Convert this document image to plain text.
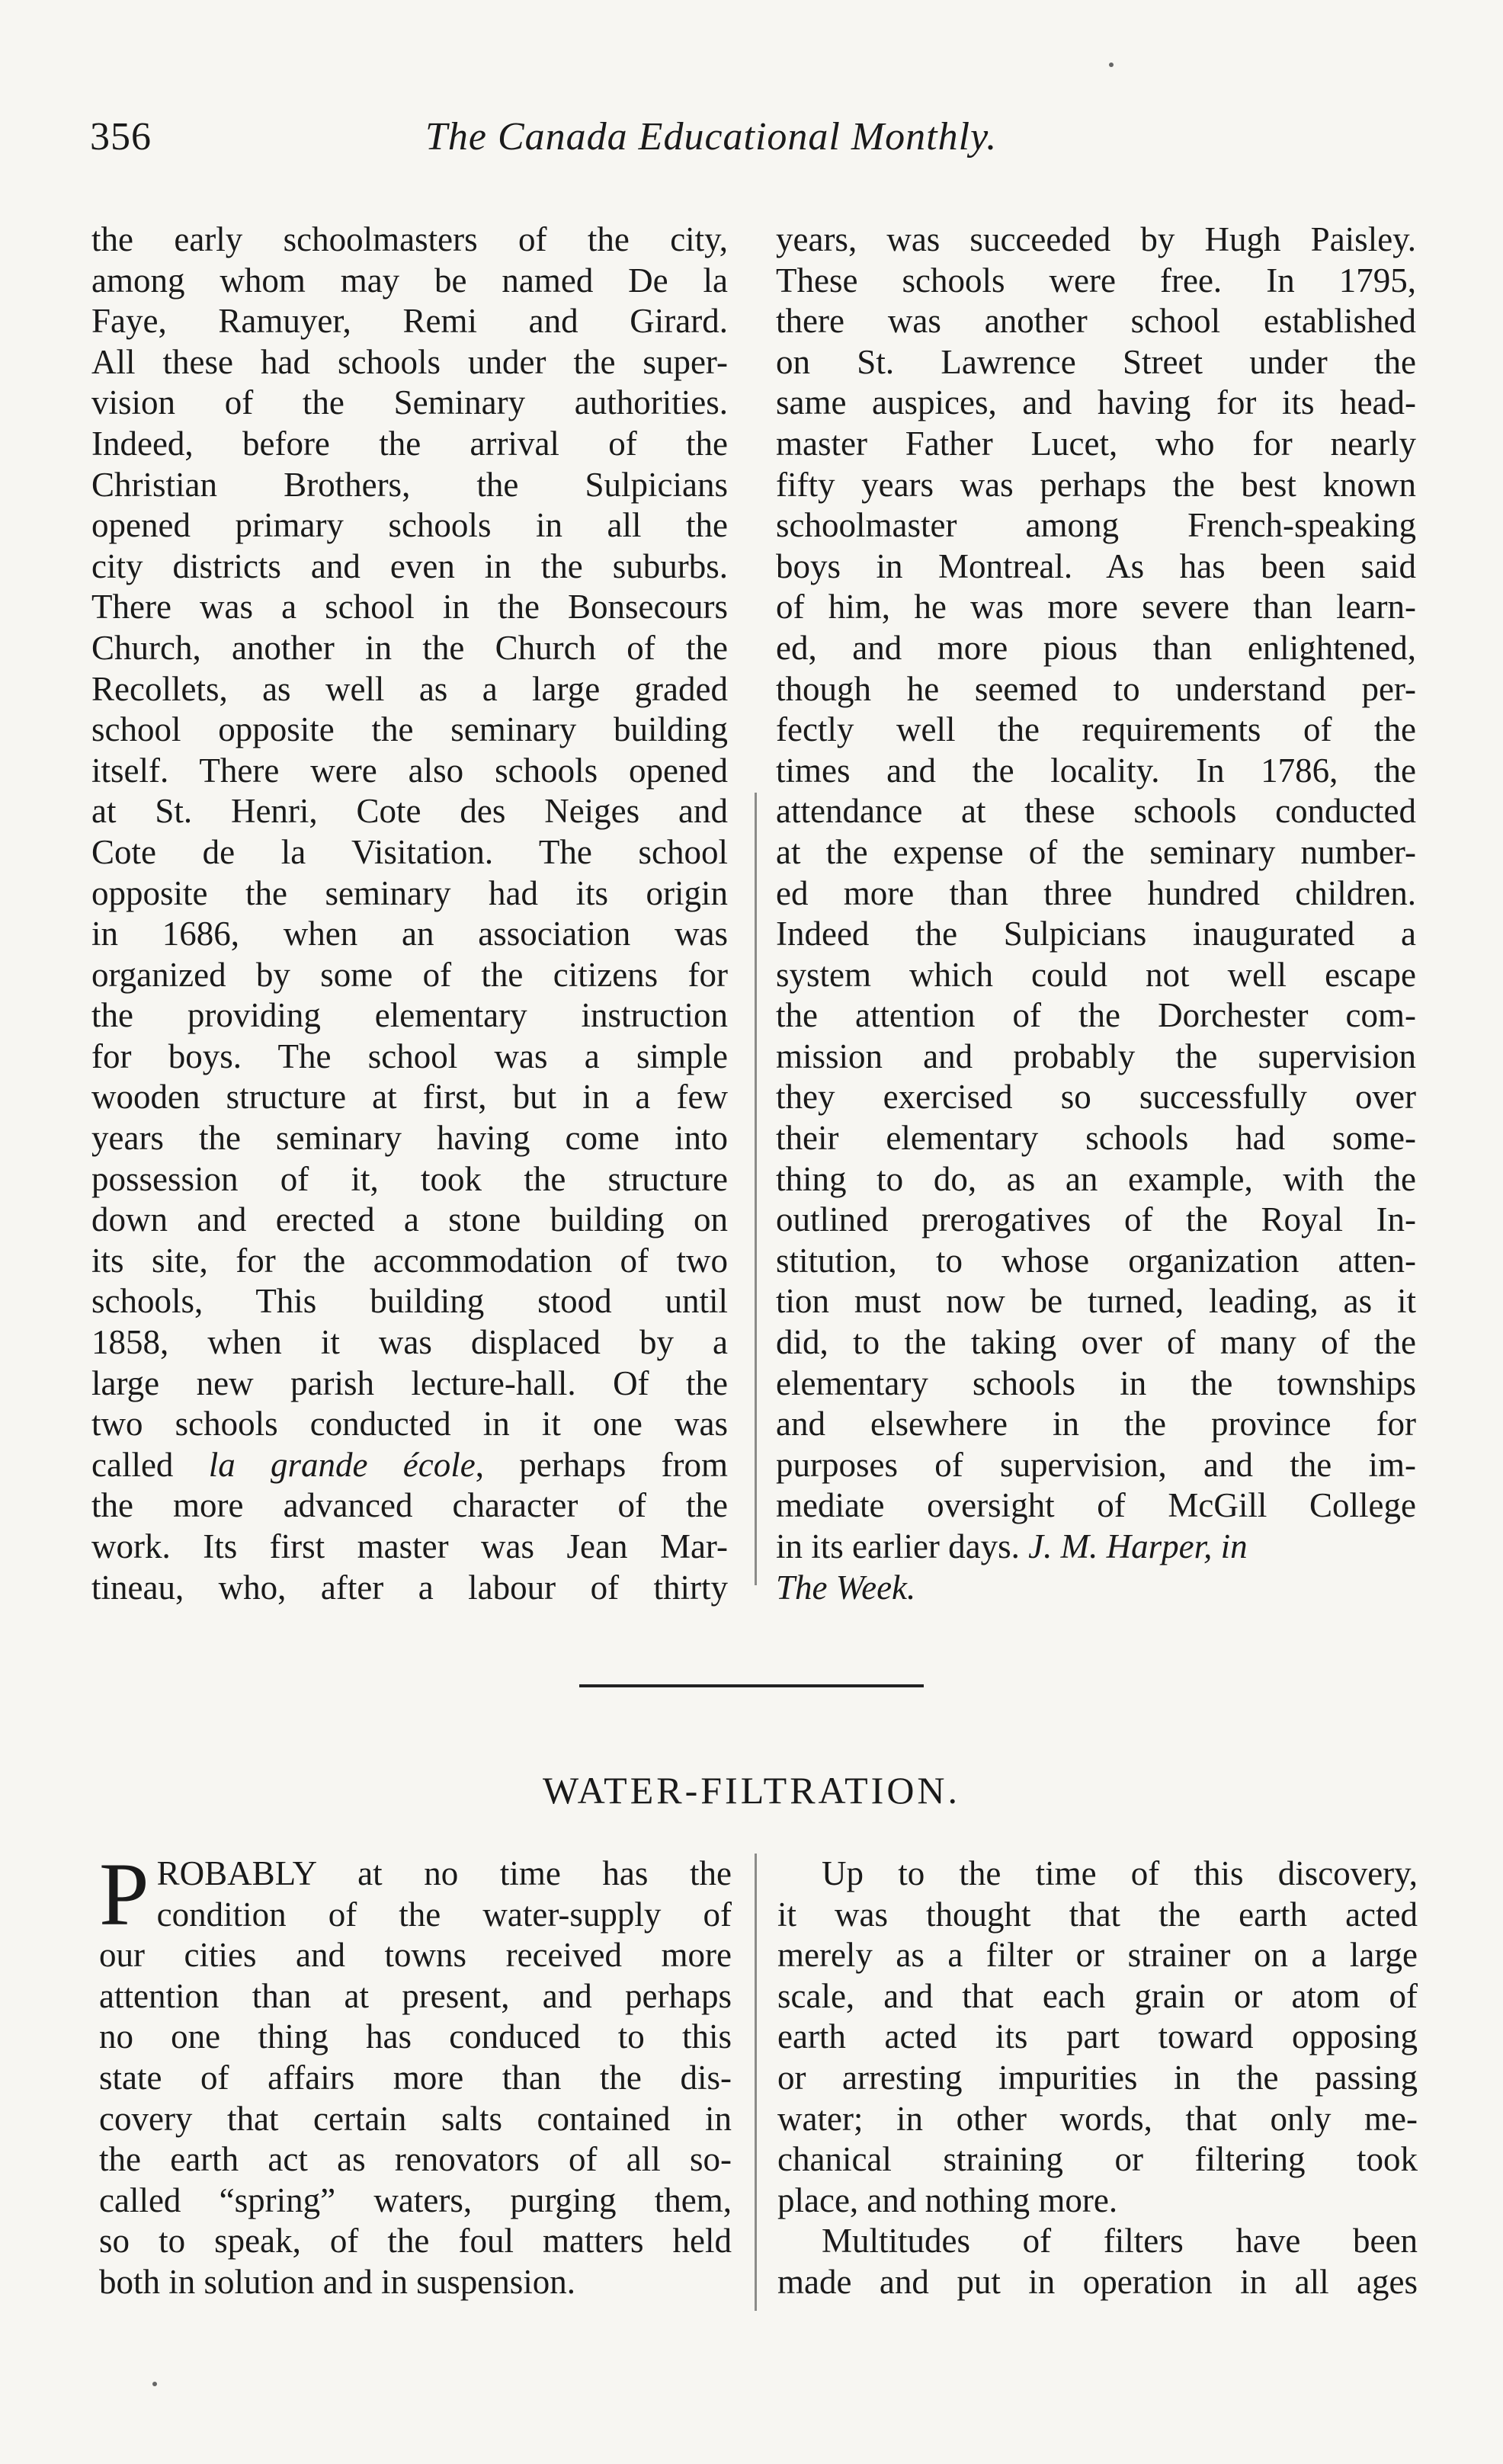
356	The Canada Educational Monthly.
the early schoolmasters of the city,
among whom may be named De la
Faye, Ramuyer, Remi and Girard.
All these had schools under the super-
vision of the Seminary authorities.
Indeed, before the arrival of the
Christian Brothers, the Sulpicians
opened primary schools in all the
city districts and even in the suburbs.
There was a school in the Bonsecours
Church, another in the Church of the
Recollets, as well as a large graded
school opposite the seminary building
itself. There were also schools opened
at St. Henri, Cote des Neiges and
Cote de la Visitation. The school
opposite the seminary had its origin
in 1686, when an association was
organized by some of the citizens for
the providing elementary instruction
for boys. The school was a simple
wooden structure at first, but in a few
years the seminary having come into
possession of it, took the structure
down and erected a stone building on
its site, for the accommodation of two
schools, This building stood until
1858, when it was displaced by a
large new parish lecture-hall. Of the
two schools conducted in it one was
called la grande école, perhaps from
the more advanced character of the
work. Its first master was Jean Mar-
tineau, who, after a labour of thirty
years, was succeeded by Hugh Paisley.
These schools were free. In 1795,
there was another school established
on St. Lawrence Street under the
same auspices, and having for its head-
master Father Lucet, who for nearly
fifty years was perhaps the best known
schoolmaster among French-speaking
boys in Montreal. As has been said
of him, he was more severe than learn-
ed, and more pious than enlightened,
though he seemed to understand per-
fectly well the requirements of the
times and the locality. In 1786, the
attendance at these schools conducted
at the expense of the seminary number-
ed more than three hundred children.
Indeed the Sulpicians inaugurated a
system which could not well escape
the attention of the Dorchester com-
mission and probably the supervision
they exercised so successfully over
their elementary schools had some-
thing to do, as an example, with the
outlined prerogatives of the Royal In-
stitution, to whose organization atten-
tion must now be turned, leading, as it
did, to the taking over of many of the
elementary schools in the townships
and elsewhere in the province for
purposes of supervision, and the im-
mediate oversight of McGill College
in its earlier days. J. M. Harper, in
The Week.
WATER-FILTRATION.
P ROBABLY at no time has the
condition of the water-supply of
our cities and towns received more
attention than at present, and perhaps
no one thing has conduced to this
state of affairs more than the dis-
covery that certain salts contained in
the earth act as renovators of all so-
called “spring” waters, purging them,
so to speak, of the foul matters held
both in solution and in suspension.
Up to the time of this discovery,
it was thought that the earth acted
merely as a filter or strainer on a large
scale, and that each grain or atom of
earth acted its part toward opposing
or arresting impurities in the passing
water; in other words, that only me-
chanical straining or filtering took
place, and nothing more.
Multitudes of filters have been
made and put in operation in all ages
